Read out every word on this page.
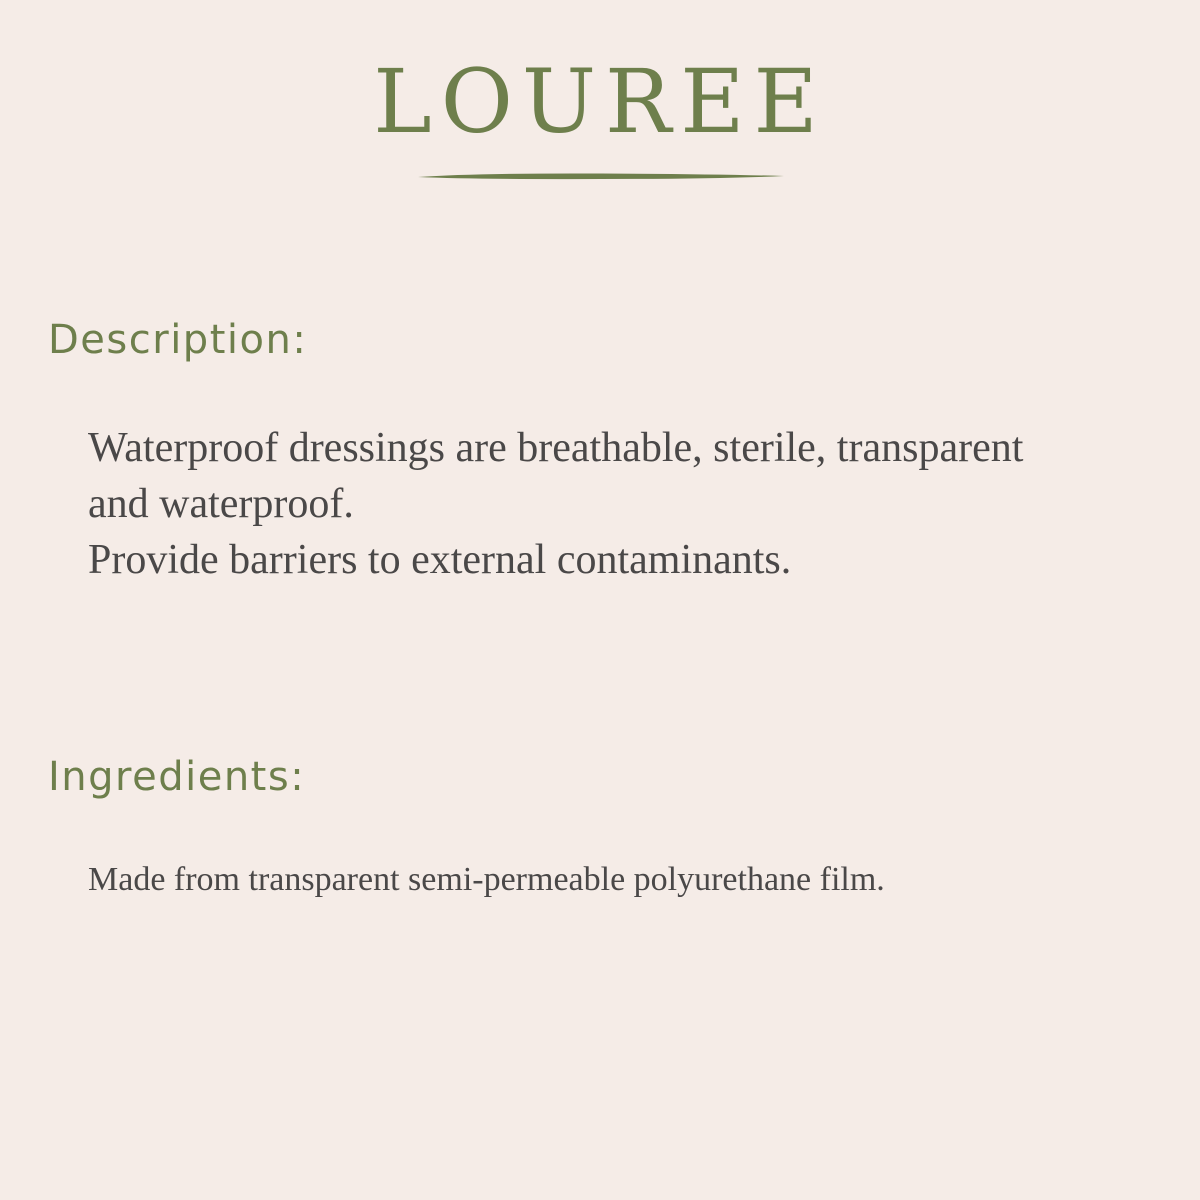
LOUREE
Description:

Waterproof dressings are breathable, sterile, transparent
and waterproof.
Provide barriers to external contaminants.

Ingredients:

Made from transparent semi-permeable polyurethane film.
